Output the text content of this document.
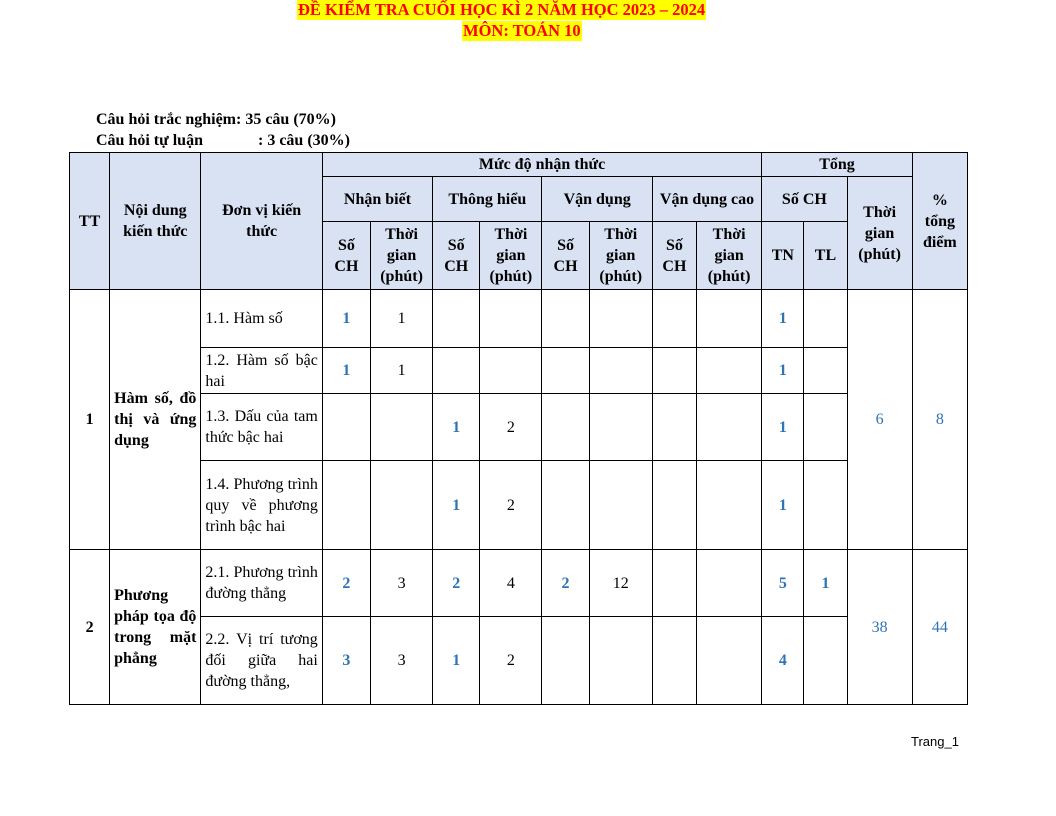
ĐỀ KIỂM TRA CUỐI HỌC KÌ 2 NĂM HỌC 2023 – 2024
MÔN: TOÁN 10
Câu hỏi trắc nghiệm: 35 câu (70%)
Câu hỏi tự luận	: 3 câu (30%)
TT	Nội dung kiến thức	Đơn vị kiến thức	Mức độ nhận thức								Tổng			% tổng điểm
			Nhận biết		Thông hiểu		Vận dụng		Vận dụng cao		Số CH		Thời gian (phút)	
			Số CH	Thời gian (phút)	Số CH	Thời gian (phút)	Số CH	Thời gian (phút)	Số CH	Thời gian (phút)	TN	TL		
1	Hàm số, đồ thị và ứng dụng	1.1. Hàm số	1	1							1		6	8
		1.2. Hàm số bậc hai	1	1							1			
		1.3. Dấu của tam thức bậc hai			1	2					1			
		1.4. Phương trình quy về phương trình bậc hai			1	2					1			
2	Phương pháp tọa độ trong mặt phẳng	2.1. Phương trình đường thẳng	2	3	2	4	2	12			5	1	38	44
		2.2. Vị trí tương đối giữa hai đường thẳng,	3	3	1	2					4			
Trang_1
